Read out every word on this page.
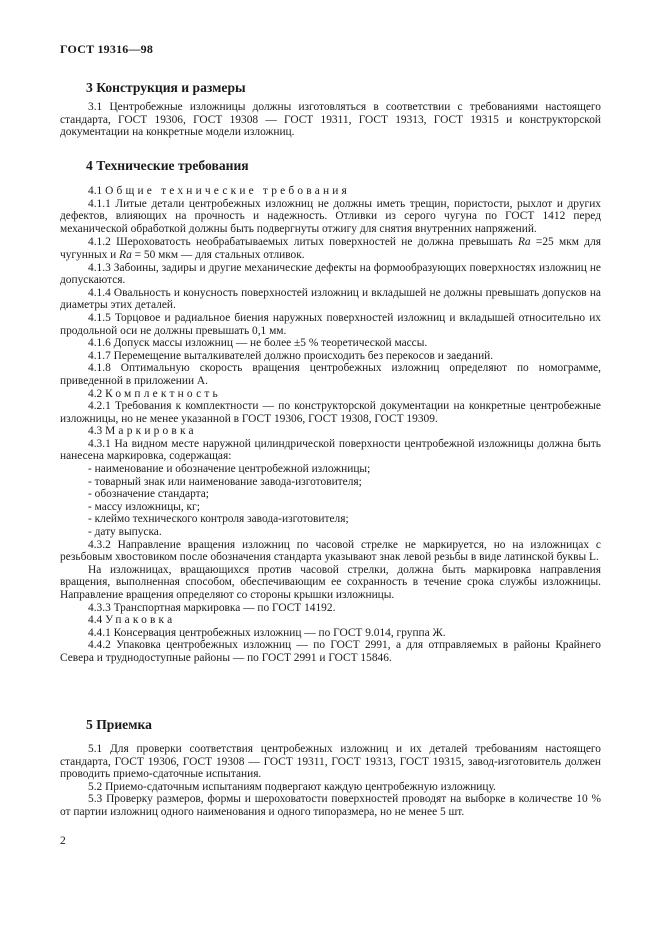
ГОСТ 19316—98
3 Конструкция и размеры

3.1 Центробежные изложницы должны изготовляться в соответствии с требованиями настоящего стандарта, ГОСТ 19306, ГОСТ 19308 — ГОСТ 19311, ГОСТ 19313, ГОСТ 19315 и конструкторской документации на конкретные модели изложниц.

4 Технические требования

4.1 Общие технические требования

4.1.1 Литые детали центробежных изложниц не должны иметь трещин, пористости, рыхлот и других дефектов, влияющих на прочность и надежность. Отливки из серого чугуна по ГОСТ 1412 перед механической обработкой должны быть подвергнуты отжигу для снятия внутренних напряжений.

4.1.2 Шероховатость необрабатываемых литых поверхностей не должна превышать Ra =25 мкм для чугунных и Ra = 50 мкм — для стальных отливок.

4.1.3 Забоины, задиры и другие механические дефекты на формообразующих поверхностях изложниц не допускаются.

4.1.4 Овальность и конусность поверхностей изложниц и вкладышей не должны превышать допусков на диаметры этих деталей.

4.1.5 Торцовое и радиальное биения наружных поверхностей изложниц и вкладышей относительно их продольной оси не должны превышать 0,1 мм.

4.1.6 Допуск массы изложниц — не более ±5 % теоретической массы.

4.1.7 Перемещение выталкивателей должно происходить без перекосов и заеданий.

4.1.8 Оптимальную скорость вращения центробежных изложниц определяют по номограмме, приведенной в приложении А.

4.2 Комплектность

4.2.1 Требования к комплектности — по конструкторской документации на конкретные центробежные изложницы, но не менее указанной в ГОСТ 19306, ГОСТ 19308, ГОСТ 19309.

4.3 Маркировка

4.3.1 На видном месте наружной цилиндрической поверхности центробежной изложницы должна быть нанесена маркировка, содержащая:

- наименование и обозначение центробежной изложницы;

- товарный знак или наименование завода-изготовителя;

- обозначение стандарта;

- массу изложницы, кг;

- клеймо технического контроля завода-изготовителя;

- дату выпуска.

4.3.2 Направление вращения изложниц по часовой стрелке не маркируется, но на изложницах с резьбовым хвостовиком после обозначения стандарта указывают знак левой резьбы в виде латинской буквы L.

На изложницах, вращающихся против часовой стрелки, должна быть маркировка направления вращения, выполненная способом, обеспечивающим ее сохранность в течение срока службы изложницы. Направление вращения определяют со стороны крышки изложницы.

4.3.3 Транспортная маркировка — по ГОСТ 14192.

4.4 Упаковка

4.4.1 Консервация центробежных изложниц — по ГОСТ 9.014, группа Ж.

4.4.2 Упаковка центробежных изложниц — по ГОСТ 2991, а для отправляемых в районы Крайнего Севера и труднодоступные районы — по ГОСТ 2991 и ГОСТ 15846.

5 Приемка

5.1 Для проверки соответствия центробежных изложниц и их деталей требованиям настоящего стандарта, ГОСТ 19306, ГОСТ 19308 — ГОСТ 19311, ГОСТ 19313, ГОСТ 19315, завод-изготовитель должен проводить приемо-сдаточные испытания.

5.2 Приемо-сдаточным испытаниям подвергают каждую центробежную изложницу.

5.3 Проверку размеров, формы и шероховатости поверхностей проводят на выборке в количестве 10 % от партии изложниц одного наименования и одного типоразмера, но не менее 5 шт.

2
